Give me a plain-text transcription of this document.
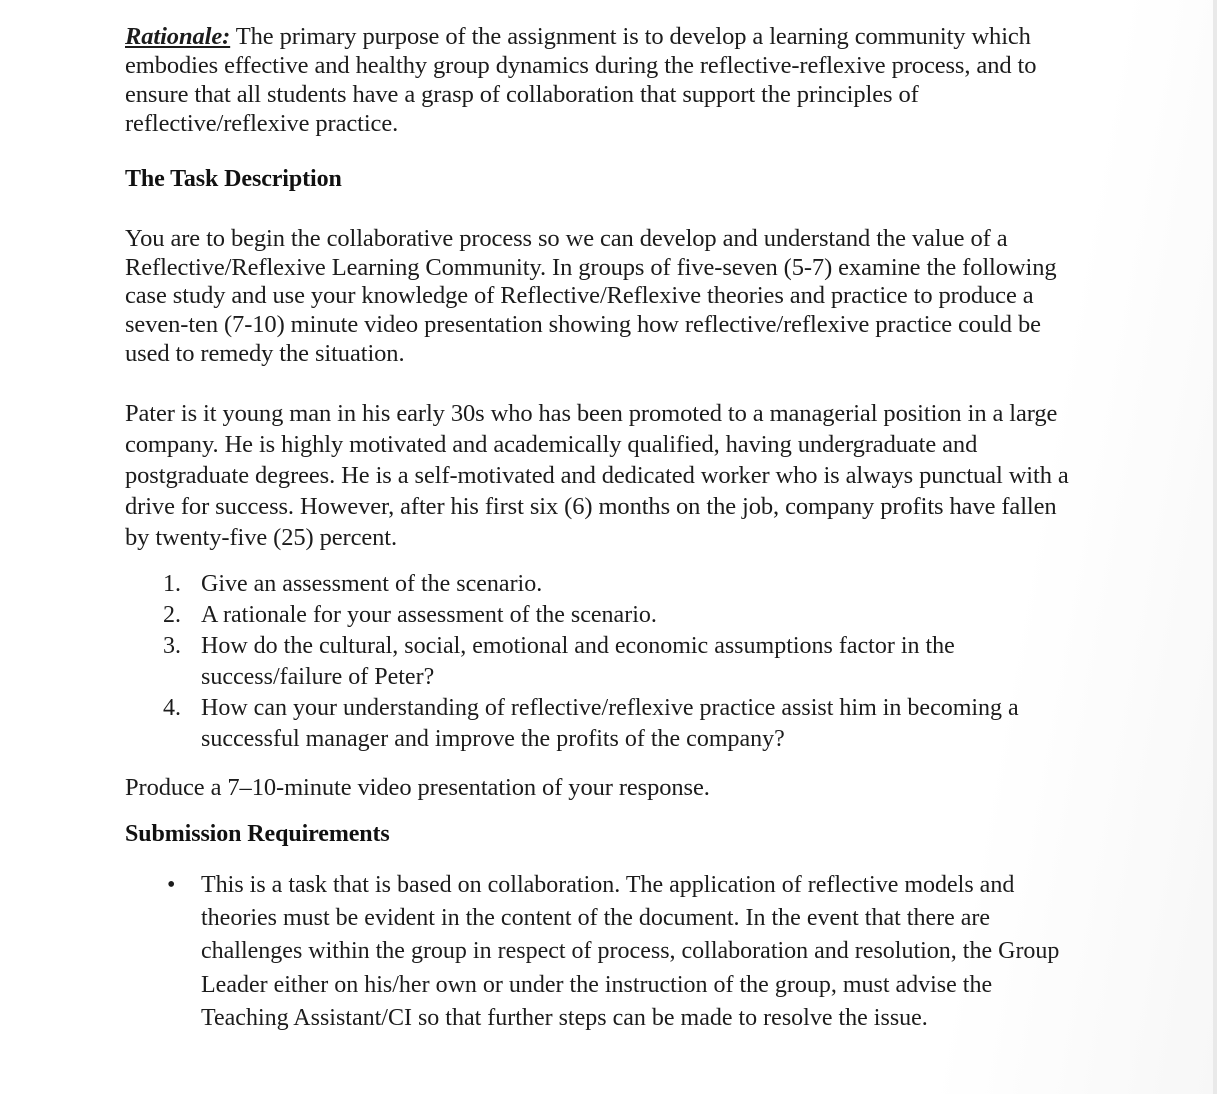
Rationale: The primary purpose of the assignment is to develop a learning community which embodies effective and healthy group dynamics during the reflective-reflexive process, and to ensure that all students have a grasp of collaboration that support the principles of reflective/reflexive practice.

The Task Description

You are to begin the collaborative process so we can develop and understand the value of a Reflective/Reflexive Learning Community. In groups of five-seven (5-7) examine the following case study and use your knowledge of Reflective/Reflexive theories and practice to produce a seven-ten (7-10) minute video presentation showing how reflective/reflexive practice could be used to remedy the situation.

Pater is it young man in his early 30s who has been promoted to a managerial position in a large company. He is highly motivated and academically qualified, having undergraduate and postgraduate degrees. He is a self-motivated and dedicated worker who is always punctual with a drive for success. However, after his first six (6) months on the job, company profits have fallen by twenty-five (25) percent.

1. Give an assessment of the scenario.
2. A rationale for your assessment of the scenario.
3. How do the cultural, social, emotional and economic assumptions factor in the success/failure of Peter?
4. How can your understanding of reflective/reflexive practice assist him in becoming a successful manager and improve the profits of the company?

Produce a 7–10-minute video presentation of your response.

Submission Requirements
• This is a task that is based on collaboration. The application of reflective models and theories must be evident in the content of the document. In the event that there are challenges within the group in respect of process, collaboration and resolution, the Group Leader either on his/her own or under the instruction of the group, must advise the Teaching Assistant/CI so that further steps can be made to resolve the issue.
